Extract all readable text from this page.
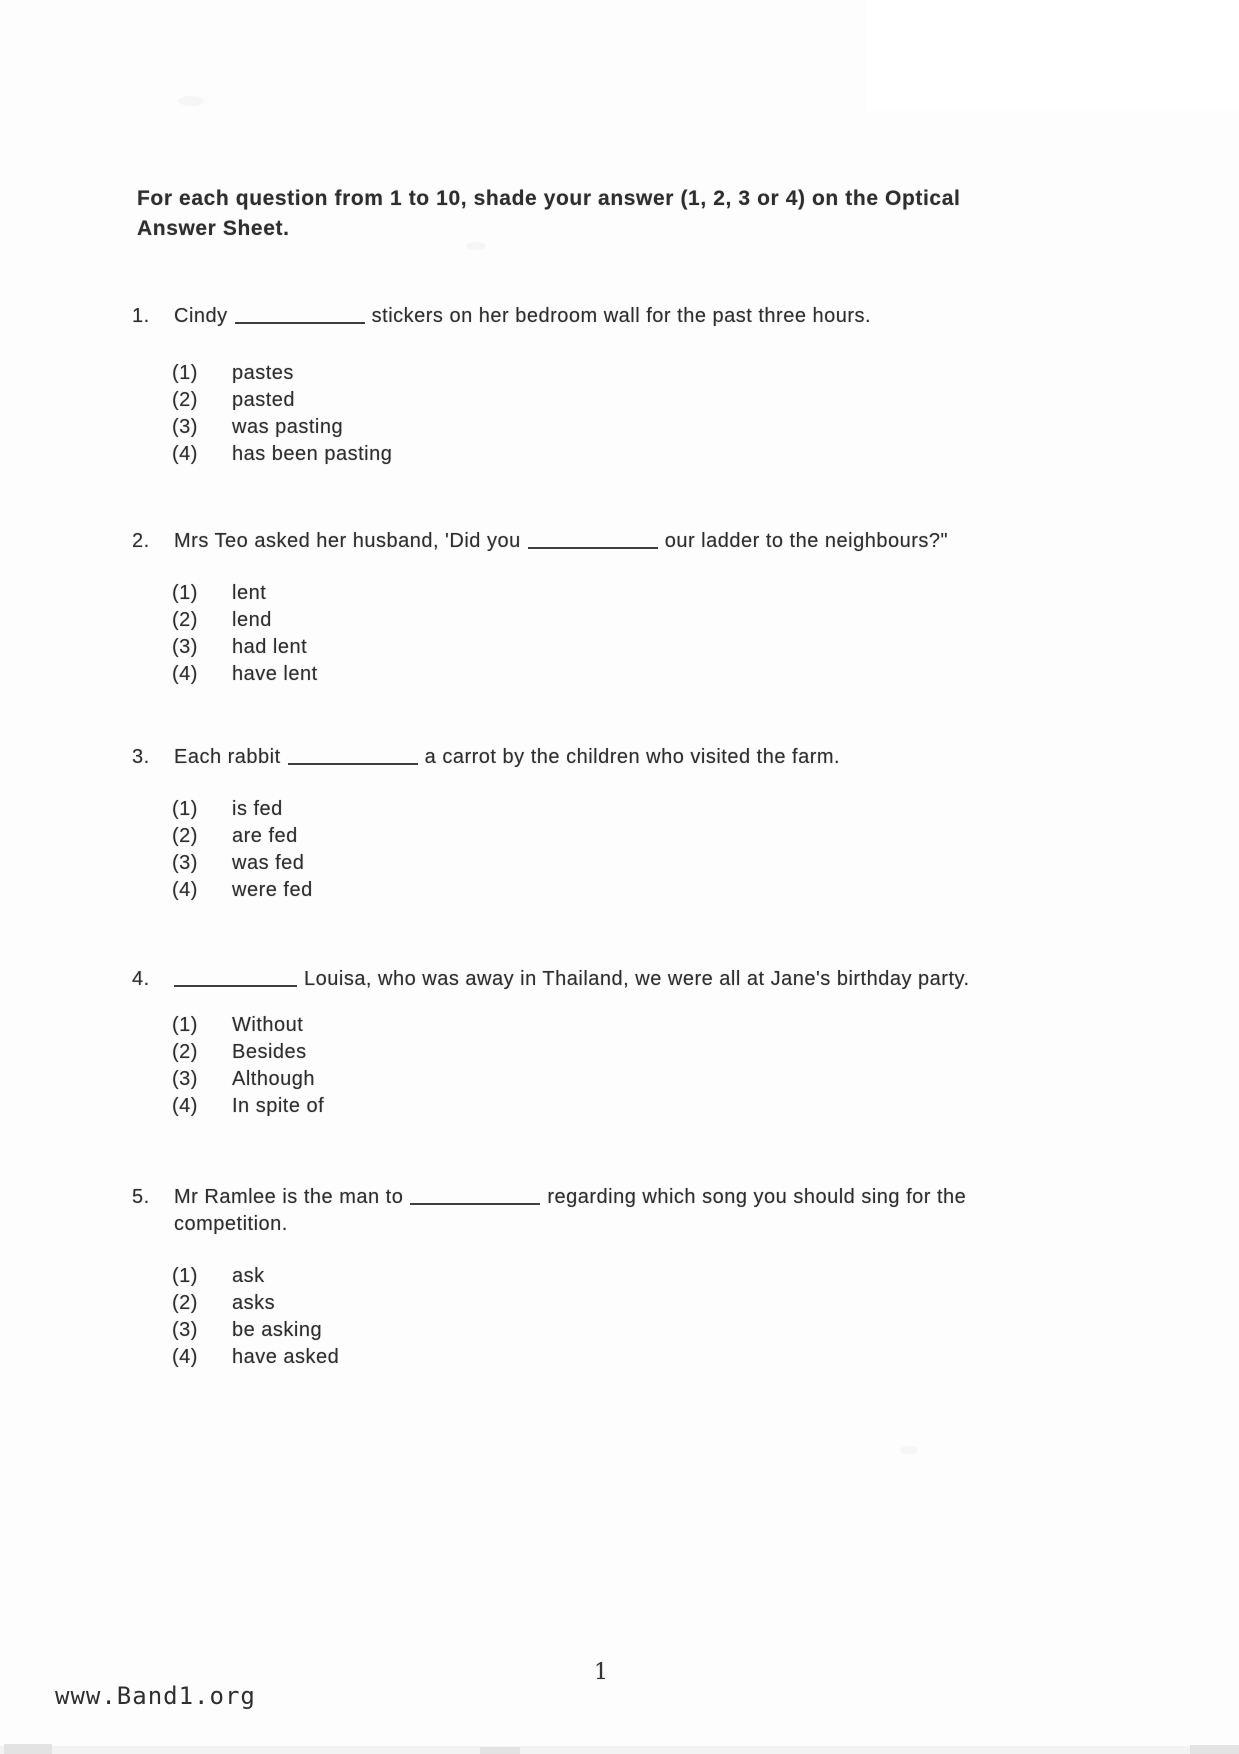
For each question from 1 to 10, shade your answer (1, 2, 3 or 4) on the Optical
Answer Sheet.
1. Cindy	stickers on her bedroom wall for the past three hours.
(1) pastes
(2) pasted
(3) was pasting
(4) has been pasting
2. Mrs Teo asked her husband, 'Did you	our ladder to the neighbours?"
(1) lent
(2) lend
(3) had lent
(4) have lent
3. Each rabbit	a carrot by the children who visited the farm.
(1) is fed
(2) are fed
(3) was fed
(4) were fed
4.	Louisa, who was away in Thailand, we were all at Jane's birthday party.
(1) Without
(2) Besides
(3) Although
(4) In spite of
5. Mr Ramlee is the man to	regarding which song you should sing for the
competition.
(1) ask
(2) asks
(3) be asking
(4) have asked
1
www.Band1.org
